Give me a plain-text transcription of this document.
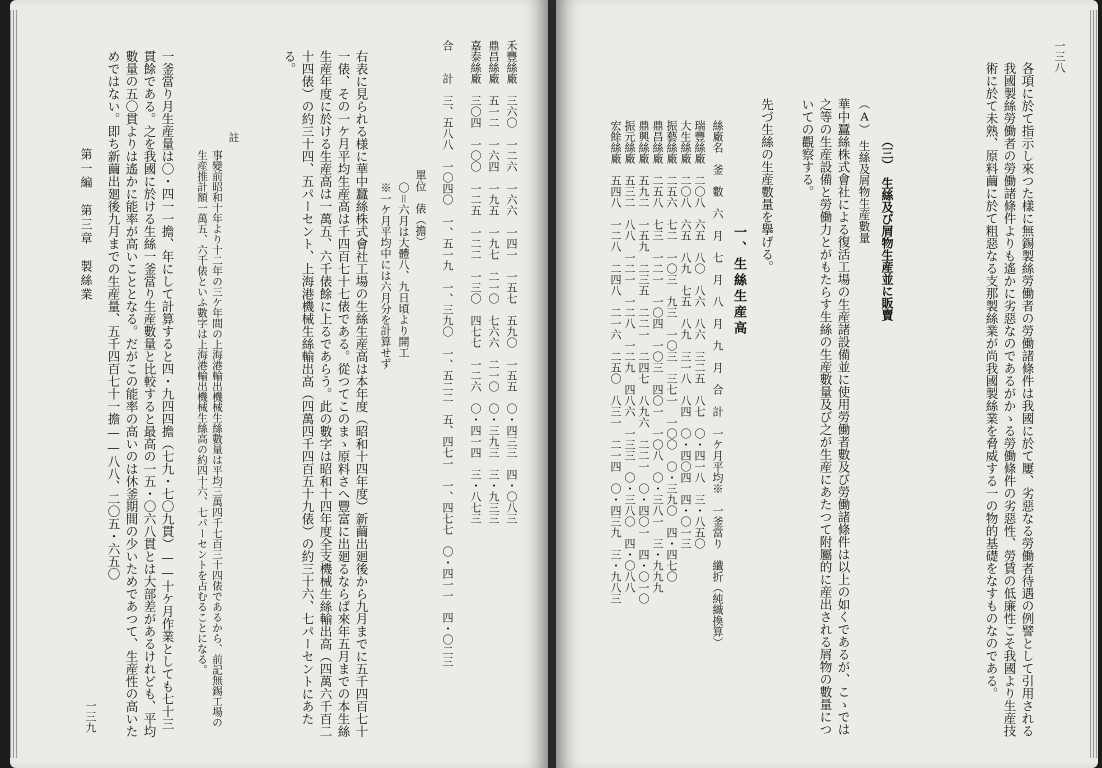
禾豐絲廠　三六〇　一二六　一六六　一四一　一五七　五九〇　一五五　〇・四三三　四・〇八三
鼎昌絲廠　五一二　一六四　一九五　一九七　二一〇　七六六　二一〇　〇・三九三　三・九三三
嘉泰絲廠　三〇四　一〇〇　一二五　一二二　一三〇　四七七　一二六　〇・四一四　三・八七三
合　　計　三、五八八　一〇四〇　一、五一九　一、三九〇　一、五二二　五、四七一　一、四七七　〇・四一一　四・〇二三
單位　俵（擔）
〇＝六月は大體八、九日頃より開工
※一ケ月平均中には六月分を計算せず
右表に見られる様に華中蠶絲株式會社工場の生絲生産高は本年度（昭和十四年度）新繭出廻後から九月までに五千四百七十一俵、その一ケ月平均生産高は千四百七十七俵である。從つてこのまゝ原料さへ豐富に出廻るならば來年五月までの本生絲生産年度に於ける生産高は一萬五、六千俵餘に上るであらう。此の數字は昭和十四年度全支機械生絲輸出高（四萬六千百二十四俵）の約三十四、五パーセント、上海港機械生絲輸出高（四萬四千四百五十九俵）の約三十六、七パーセントにあたる。
註
事變前昭和十年より十二年の三ケ年間の上海港輸出機械生絲數量は平均三萬四千七百三十四俵であるから、前記無錫工場の生産推計額一萬五、六千俵といふ數字は上海港輸出機械生絲高の約四十六、七パーセントを占むることになる。
一釜當り月生産量は〇・四一一擔、年にして計算すると四・九四四擔（七九・七〇九貫）——十ケ月作業としても七十三貫餘である。之を我國に於ける生絲一釜當り生産數量と比較すると最高の一五・〇六八貫とは大部差があるけれども、平均數量の五〇貫よりは遙かに能率が高いこととなる。だがこの能率の高いのは休釜期間の少いためであつて、生産性の高いためではない。即ち新繭出廻後九月までの生産量、五千四百七十一擔——八八、二〇五・六五〇
第一編　第三章　製絲業
一三九
一三八
各項に於て指示し來つた樣に無錫製絲勞働者の勞働諸條件は我國に於て屢、劣惡なる勞働者待遇の例譬として引用される我國製絲勞働者の勞働諸條件よりも遙かに劣惡なのであるがかゝる勞働條件の劣惡性、勞賃の低廉性こそ我國より生産技術に於て未熟、原料繭に於て粗惡なる支那製絲業が尚我國製絲業を脅威する一の物的基礎をなすものなのである。
（三）　生絲及び屑物生産並に販賣
（A）
生絲及屑物生産數量
華中蠶絲株式會社による復活工場の生産諸設備並に使用勞働者數及び勞働諸條件は以上の如くであるが、こゝでは之等の生産設備と勞働力とがもたらす生絲の生産數量及び之が生産にあたつて附屬的に産出される屑物の數量についての觀察する。
先づ生絲の生産數量を擧げる。
一、生絲生産高
絲廠名　釜　數　六　月　七　月　八　月　九　月　合　計　一ケ月平均※　一釜當り　纖折（純織換算）
瑞豐絲廠　二〇八　六五　八〇　八六　八六　三二五　八七　〇・四一八　三・八五〇
大生絲廠　二〇八　六五　八九　七五　八九　三一八　八四　〇・四〇四　四・〇一三
振藝絲廠　二五六　七二　一〇三　九三　一〇三　三七一　一〇〇　〇・三九〇　四・四七〇
鼎昌絲廠　二五八　七三　一二一　一〇四　一〇三　四〇一　一〇八　〇・三八一　三・九九九
鼎興絲廠　五九二　一五九　二三五　二二一　二四七　八九六　二二一　〇・四〇一　四・〇一〇
振元絲廠　五三二　八八　一二一　一二八　一二九　四八六　一三三　〇・三八〇　四・〇八八
宏餘絲廠　五四八　一二八　二四八　二一六　二五〇　八三一　二一四　〇・四三九　三・九八三
